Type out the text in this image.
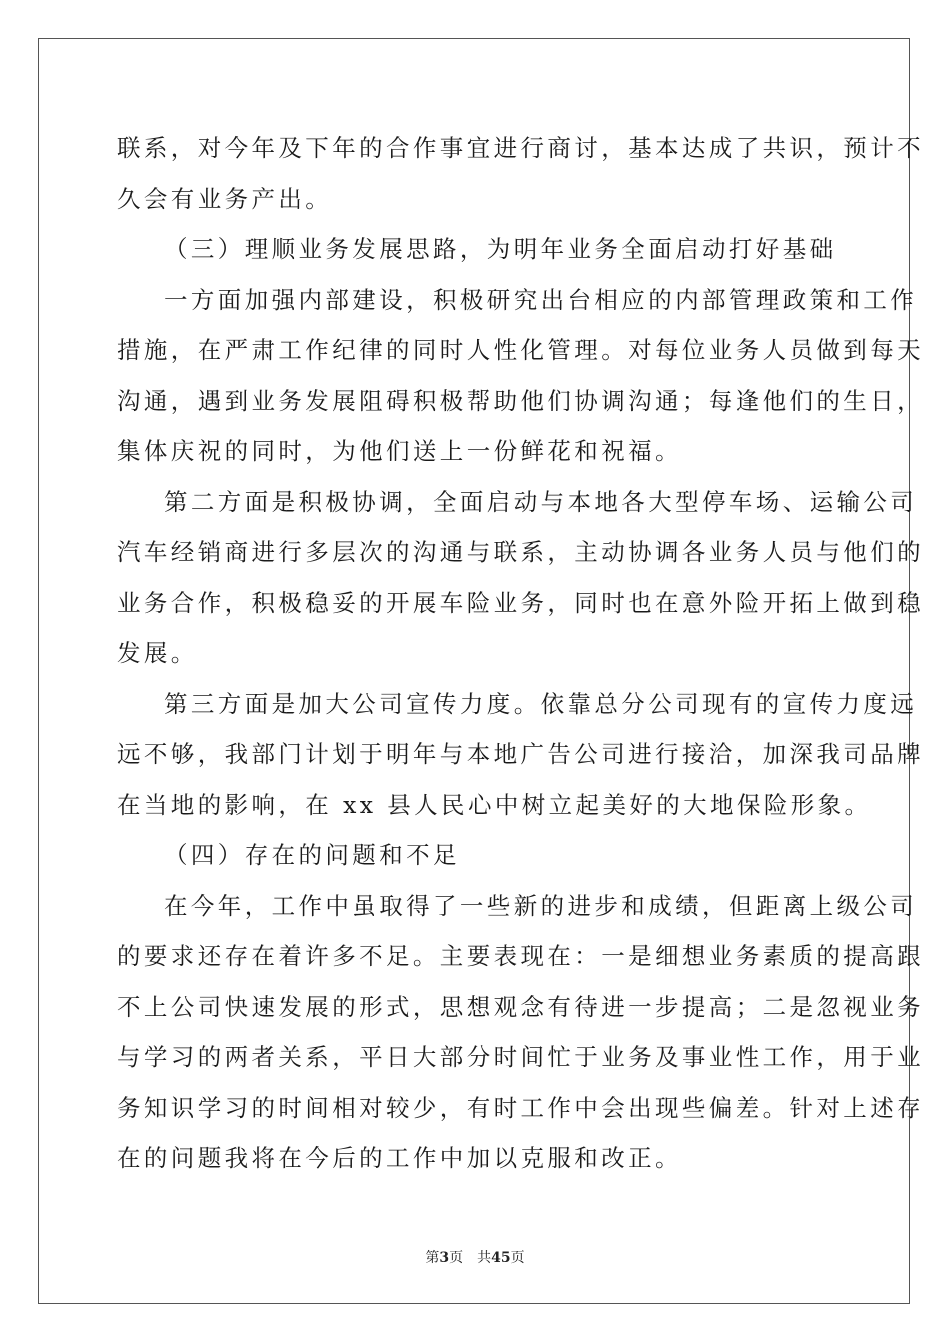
联系，对今年及下年的合作事宜进行商讨，基本达成了共识，预计不
久会有业务产出。
（三）理顺业务发展思路，为明年业务全面启动打好基础
一方面加强内部建设，积极研究出台相应的内部管理政策和工作
措施，在严肃工作纪律的同时人性化管理。对每位业务人员做到每天
沟通，遇到业务发展阻碍积极帮助他们协调沟通；每逢他们的生日，
集体庆祝的同时，为他们送上一份鲜花和祝福。
第二方面是积极协调，全面启动与本地各大型停车场、运输公司
汽车经销商进行多层次的沟通与联系，主动协调各业务人员与他们的
业务合作，积极稳妥的开展车险业务，同时也在意外险开拓上做到稳
发展。
第三方面是加大公司宣传力度。依靠总分公司现有的宣传力度远
远不够，我部门计划于明年与本地广告公司进行接洽，加深我司品牌
在当地的影响，在 xx 县人民心中树立起美好的大地保险形象。
（四）存在的问题和不足
在今年，工作中虽取得了一些新的进步和成绩，但距离上级公司
的要求还存在着许多不足。主要表现在：一是细想业务素质的提高跟
不上公司快速发展的形式，思想观念有待进一步提高；二是忽视业务
与学习的两者关系，平日大部分时间忙于业务及事业性工作，用于业
务知识学习的时间相对较少，有时工作中会出现些偏差。针对上述存
在的问题我将在今后的工作中加以克服和改正。
第3页 共45页
